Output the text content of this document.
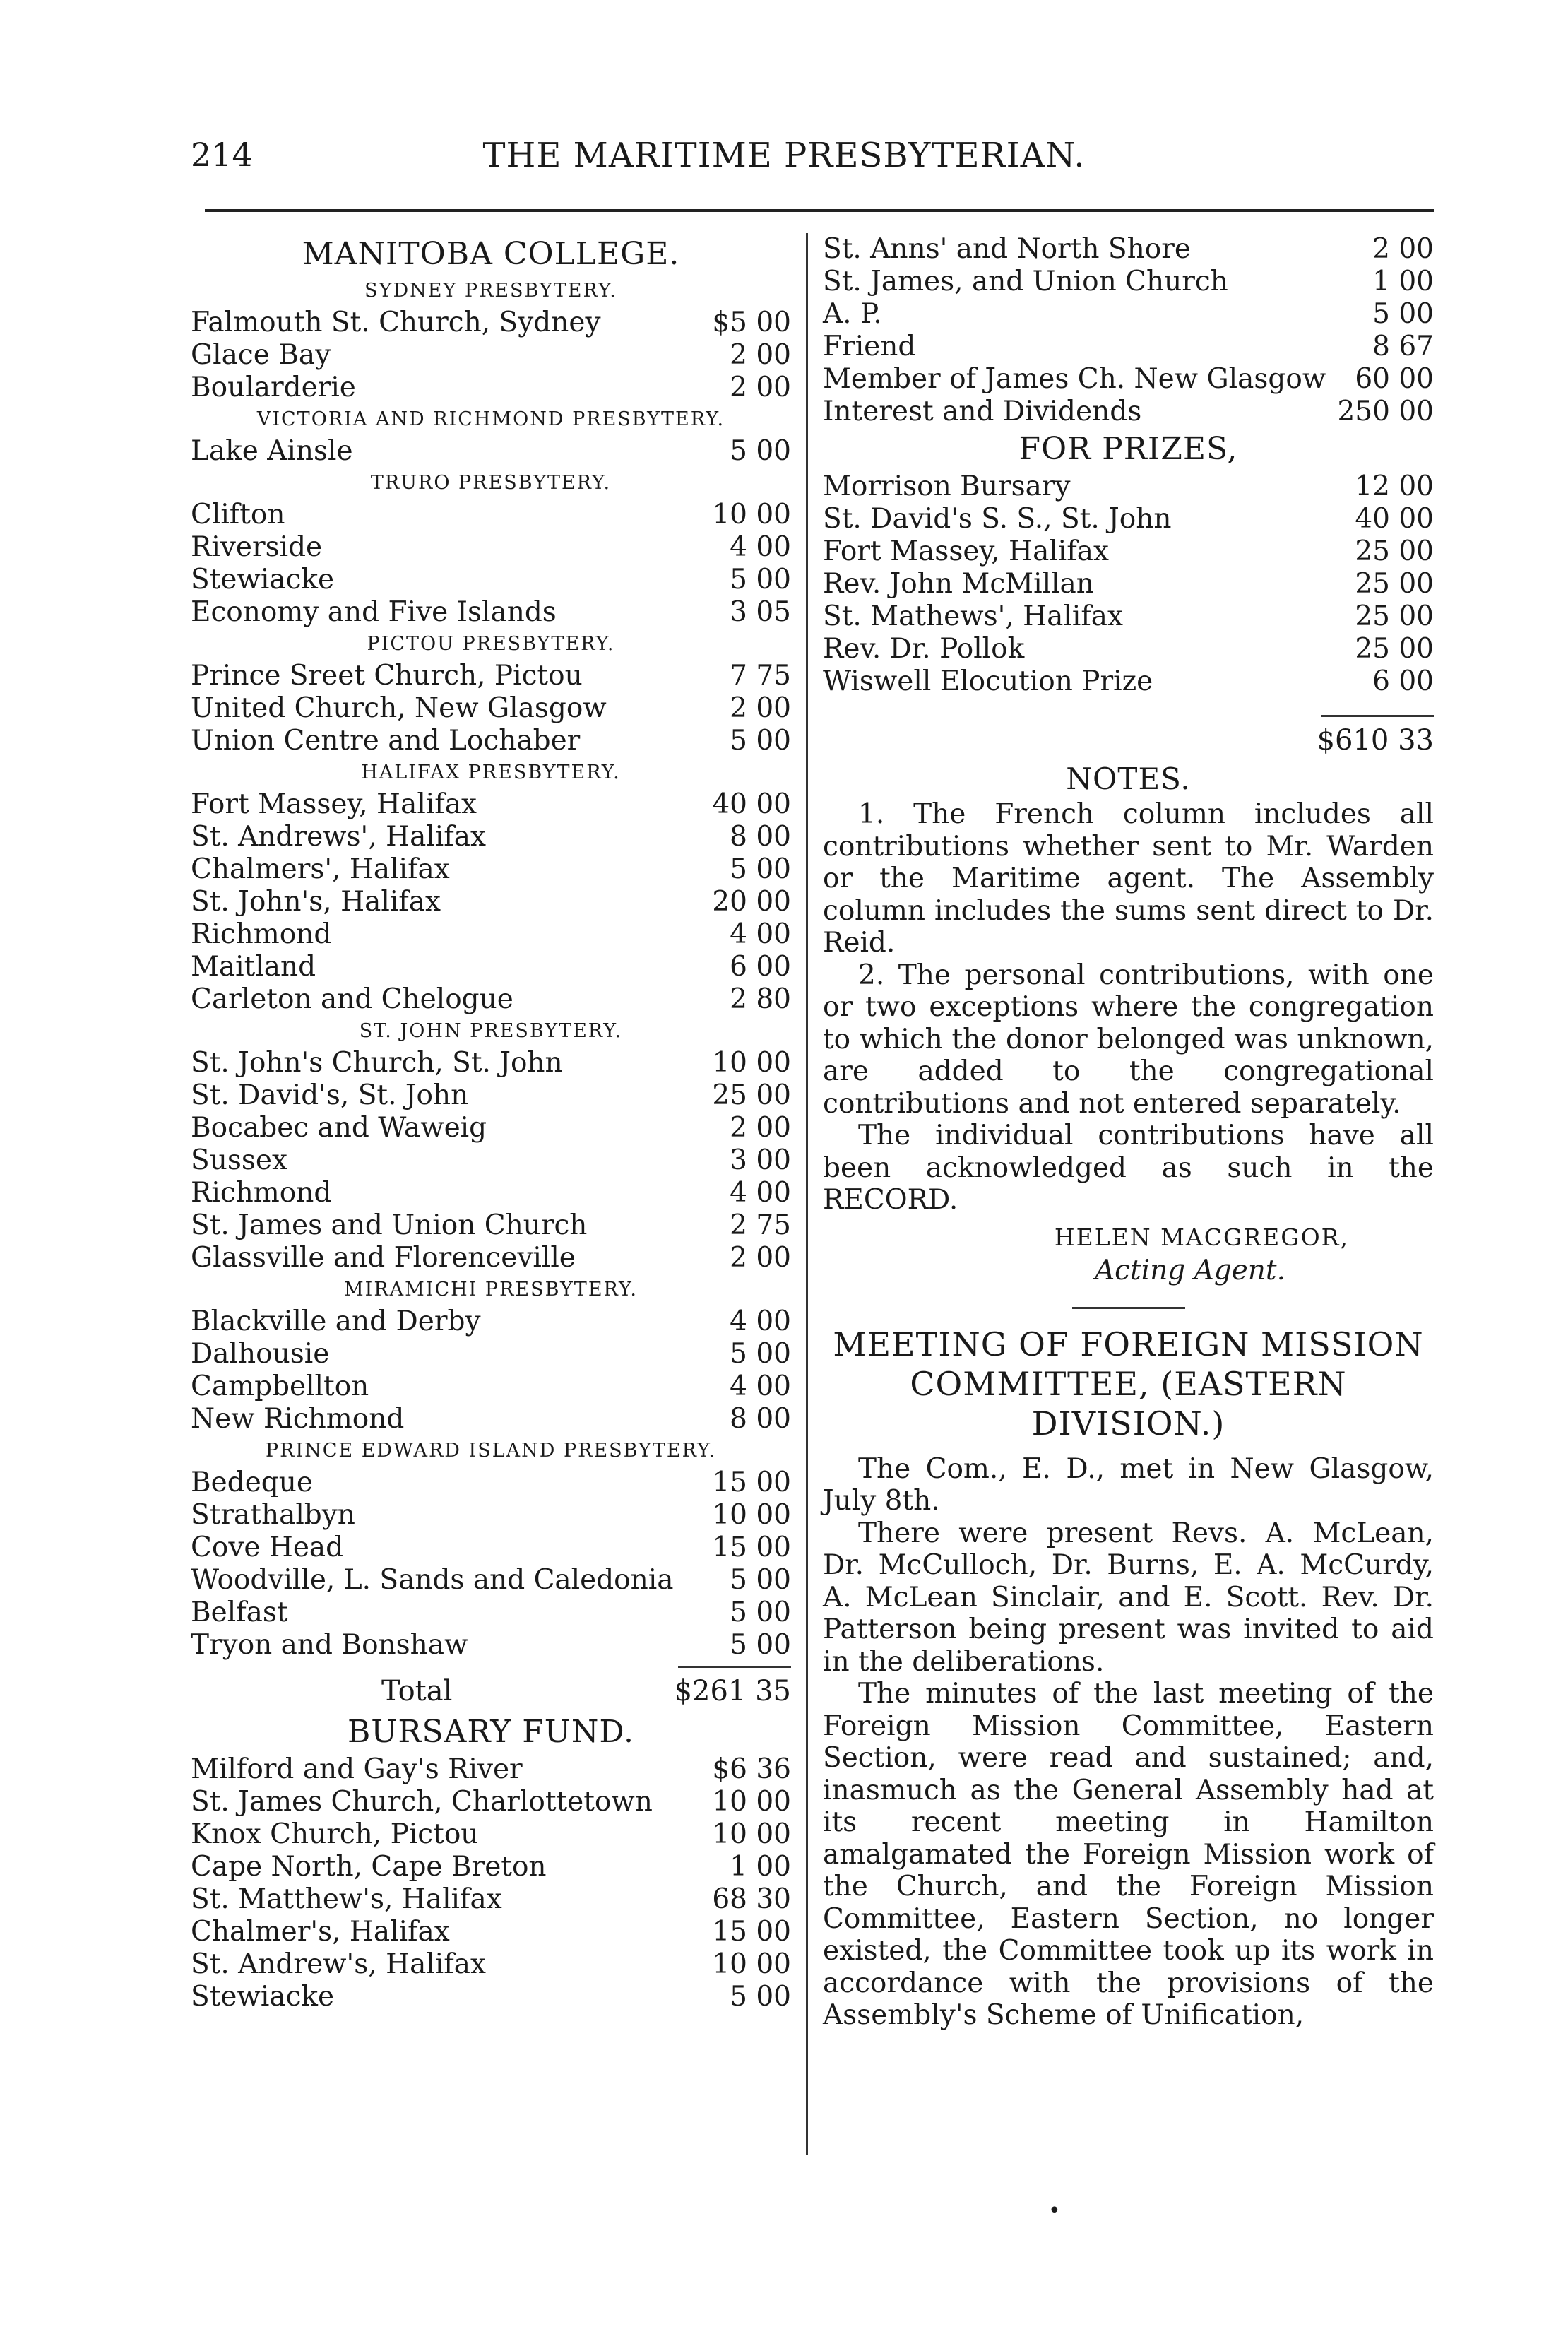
214	THE MARITIME PRESBYTERIAN.
MANITOBA COLLEGE.
SYDNEY PRESBYTERY.
Falmouth St. Church, Sydney	$5 00
Glace Bay	2 00
Boularderie	2 00
VICTORIA AND RICHMOND PRESBYTERY.
Lake Ainsle	5 00
TRURO PRESBYTERY.
Clifton	10 00
Riverside	4 00
Stewiacke	5 00
Economy and Five Islands	3 05
PICTOU PRESBYTERY.
Prince Sreet Church, Pictou	7 75
United Church, New Glasgow	2 00
Union Centre and Lochaber	5 00
HALIFAX PRESBYTERY.
Fort Massey, Halifax	40 00
St. Andrews', Halifax	8 00
Chalmers', Halifax	5 00
St. John's, Halifax	20 00
Richmond	4 00
Maitland	6 00
Carleton and Chelogue	2 80
ST. JOHN PRESBYTERY.
St. John's Church, St. John	10 00
St. David's, St. John	25 00
Bocabec and Waweig	2 00
Sussex	3 00
Richmond	4 00
St. James and Union Church	2 75
Glassville and Florenceville	2 00
MIRAMICHI PRESBYTERY.
Blackville and Derby	4 00
Dalhousie	5 00
Campbellton	4 00
New Richmond	8 00
PRINCE EDWARD ISLAND PRESBYTERY.
Bedeque	15 00
Strathalbyn	10 00
Cove Head	15 00
Woodville, L. Sands and Caledonia	5 00
Belfast	5 00
Tryon and Bonshaw	5 00
Total	$261 35
BURSARY FUND.
Milford and Gay's River	$6 36
St. James Church, Charlottetown	10 00
Knox Church, Pictou	10 00
Cape North, Cape Breton	1 00
St. Matthew's, Halifax	68 30
Chalmer's, Halifax	15 00
St. Andrew's, Halifax	10 00
Stewiacke	5 00
St. Anns' and North Shore	2 00
St. James, and Union Church	1 00
A. P.	5 00
Friend	8 67
Member of James Ch. New Glasgow	60 00
Interest and Dividends	250 00
FOR PRIZES,
Morrison Bursary	12 00
St. David's S. S., St. John	40 00
Fort Massey, Halifax	25 00
Rev. John McMillan	25 00
St. Mathews', Halifax	25 00
Rev. Dr. Pollok	25 00
Wiswell Elocution Prize	6 00
$610 33
NOTES.

1. The French column includes all contributions whether sent to Mr. Warden or the Maritime agent. The Assembly column includes the sums sent direct to Dr. Reid.

2. The personal contributions, with one or two exceptions where the congregation to which the donor belonged was unknown, are added to the congregational contributions and not entered separately.

The individual contributions have all been acknowledged as such in the RECORD.

HELEN MACGREGOR,
Acting Agent.
MEETING OF FOREIGN MISSION COMMITTEE, (EASTERN DIVISION.)

The Com., E. D., met in New Glasgow, July 8th.

There were present Revs. A. McLean, Dr. McCulloch, Dr. Burns, E. A. McCurdy, A. McLean Sinclair, and E. Scott. Rev. Dr. Patterson being present was invited to aid in the deliberations.

The minutes of the last meeting of the Foreign Mission Committee, Eastern Section, were read and sustained; and, inasmuch as the General Assembly had at its recent meeting in Hamilton amalgamated the Foreign Mission work of the Church, and the Foreign Mission Committee, Eastern Section, no longer existed, the Committee took up its work in accordance with the provisions of the Assembly's Scheme of Unification,

•
